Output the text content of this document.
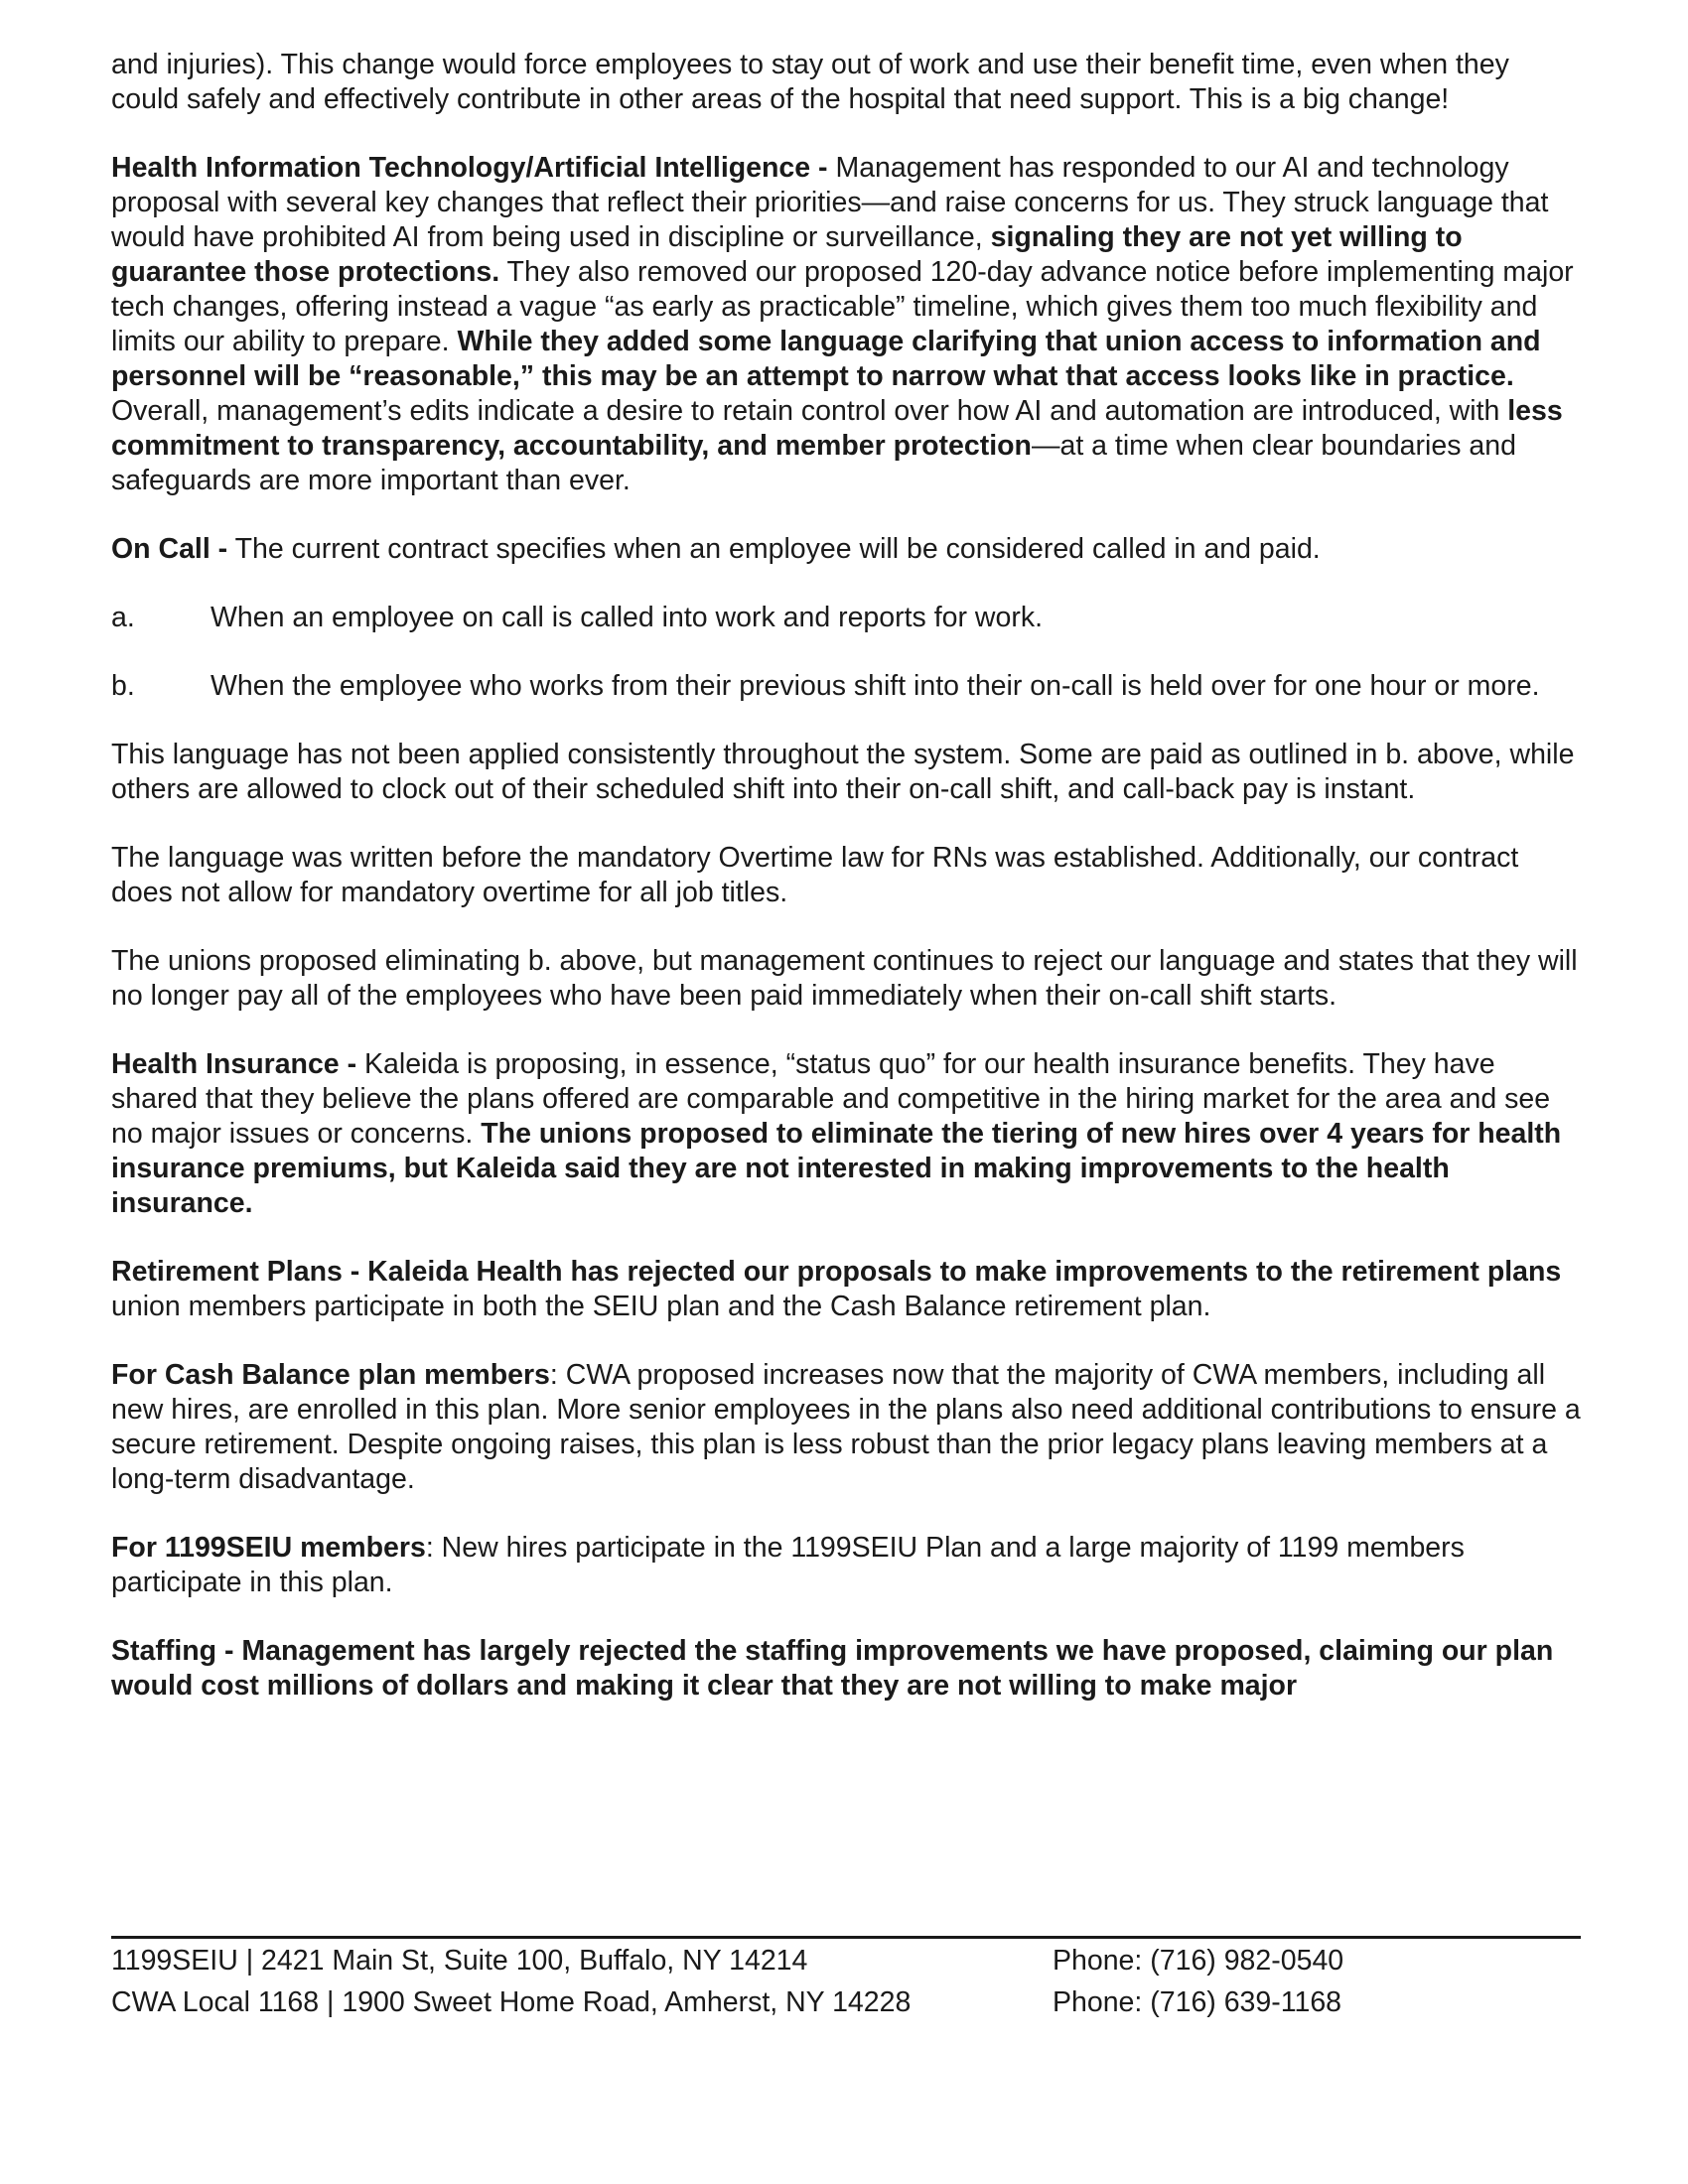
and injuries). This change would force employees to stay out of work and use their benefit time, even when they could safely and effectively contribute in other areas of the hospital that need support. This is a big change!

Health Information Technology/Artificial Intelligence - Management has responded to our AI and technology proposal with several key changes that reflect their priorities—and raise concerns for us. They struck language that would have prohibited AI from being used in discipline or surveillance, signaling they are not yet willing to guarantee those protections. They also removed our proposed 120-day advance notice before implementing major tech changes, offering instead a vague “as early as practicable” timeline, which gives them too much flexibility and limits our ability to prepare. While they added some language clarifying that union access to information and personnel will be “reasonable,” this may be an attempt to narrow what that access looks like in practice. Overall, management’s edits indicate a desire to retain control over how AI and automation are introduced, with less commitment to transparency, accountability, and member protection—at a time when clear boundaries and safeguards are more important than ever.

On Call - The current contract specifies when an employee will be considered called in and paid.

a.	When an employee on call is called into work and reports for work.

b.	When the employee who works from their previous shift into their on-call is held over for one hour or more.

This language has not been applied consistently throughout the system. Some are paid as outlined in b. above, while others are allowed to clock out of their scheduled shift into their on-call shift, and call-back pay is instant.

The language was written before the mandatory Overtime law for RNs was established. Additionally, our contract does not allow for mandatory overtime for all job titles.

The unions proposed eliminating b. above, but management continues to reject our language and states that they will no longer pay all of the employees who have been paid immediately when their on-call shift starts.

Health Insurance - Kaleida is proposing, in essence, “status quo” for our health insurance benefits. They have shared that they believe the plans offered are comparable and competitive in the hiring market for the area and see no major issues or concerns. The unions proposed to eliminate the tiering of new hires over 4 years for health insurance premiums, but Kaleida said they are not interested in making improvements to the health insurance.

Retirement Plans - Kaleida Health has rejected our proposals to make improvements to the retirement plans union members participate in both the SEIU plan and the Cash Balance retirement plan.

For Cash Balance plan members: CWA proposed increases now that the majority of CWA members, including all new hires, are enrolled in this plan. More senior employees in the plans also need additional contributions to ensure a secure retirement. Despite ongoing raises, this plan is less robust than the prior legacy plans leaving members at a long-term disadvantage.

For 1199SEIU members: New hires participate in the 1199SEIU Plan and a large majority of 1199 members participate in this plan.

Staffing - Management has largely rejected the staffing improvements we have proposed, claiming our plan would cost millions of dollars and making it clear that they are not willing to make major

1199SEIU | 2421 Main St, Suite 100, Buffalo, NY 14214	Phone: (716) 982-0540
CWA Local 1168 | 1900 Sweet Home Road, Amherst, NY 14228	Phone: (716) 639-1168
